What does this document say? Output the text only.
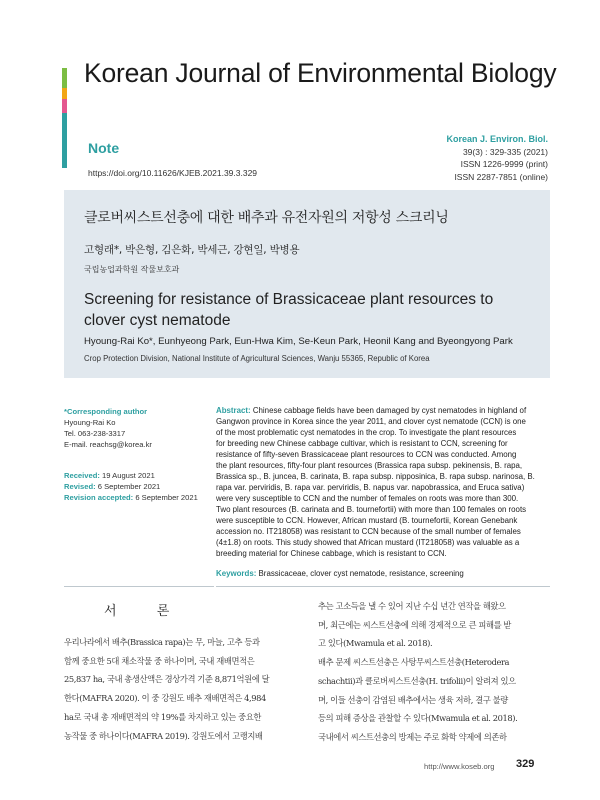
Korean Journal of Environmental Biology
Note
https://doi.org/10.11626/KJEB.2021.39.3.329
Korean J. Environ. Biol.
39(3) : 329-335 (2021)
ISSN 1226-9999 (print)
ISSN 2287-7851 (online)
클로버씨스트선충에 대한 배추과 유전자원의 저항성 스크리닝
고형래*, 박은형, 김은화, 박세근, 강현일, 박병용
국립농업과학원 작물보호과
Screening for resistance of Brassicaceae plant resources to clover cyst nematode
Hyoung-Rai Ko*, Eunhyeong Park, Eun-Hwa Kim, Se-Keun Park, Heonil Kang and Byeongyong Park
Crop Protection Division, National Institute of Agricultural Sciences, Wanju 55365, Republic of Korea
*Corresponding author
Hyoung-Rai Ko
Tel. 063-238-3317
E-mail. reachsg@korea.kr
Received: 19 August 2021
Revised: 6 September 2021
Revision accepted: 6 September 2021

Abstract: Chinese cabbage fields have been damaged by cyst nematodes in highland of

Gangwon province in Korea since the year 2011, and clover cyst nematode (CCN) is one

of the most problematic cyst nematodes in the crop. To investigate the plant resources

for breeding new Chinese cabbage cultivar, which is resistant to CCN, screening for

resistance of fifty-seven Brassicaceae plant resources to CCN was conducted. Among

the plant resources, fifty-four plant resources (Brassica rapa subsp. pekinensis, B. rapa,

Brassica sp., B. juncea, B. carinata, B. rapa subsp. nipposinica, B. rapa subsp. narinosa, B.

rapa var. perviridis, B. rapa var. perviridis, B. napus var. napobrassica, and Eruca sativa)

were very susceptible to CCN and the number of females on roots was more than 300.

Two plant resources (B. carinata and B. tournefortii) with more than 100 females on roots

were susceptible to CCN. However, African mustard (B. tournefortii, Korean Genebank

accession no. IT218058) was resistant to CCN because of the small number of females

(4±1.8) on roots. This study showed that African mustard (IT218058) was valuable as a

breeding material for Chinese cabbage, which is resistant to CCN.

Keywords: Brassicaceae, clover cyst nematode, resistance, screening
서 론

우리나라에서 배추(Brassica rapa)는 무, 마늘, 고추 등과

함께 중요한 5대 채소작물 중 하나이며, 국내 재배면적은

25,837 ha, 국내 총생산액은 경상가격 기준 8,871억원에 달

한다(MAFRA 2020). 이 중 강원도 배추 재배면적은 4,984

ha로 국내 총 재배면적의 약 19%를 차지하고 있는 중요한

농작물 중 하나이다(MAFRA 2019). 강원도에서 고랭지배

추는 고소득을 낼 수 있어 지난 수십 년간 연작을 해왔으

며, 최근에는 씨스트선충에 의해 경제적으로 큰 피해를 받

고 있다(Mwamula et al. 2018).

배추 문제 씨스트선충은 사탕무씨스트선충(Heterodera

schachtii)과 클로버씨스트선충(H. trifolii)이 알려져 있으

며, 이들 선충이 감염된 배추에서는 생육 저하, 결구 불량

등의 피해 증상을 관찰할 수 있다(Mwamula et al. 2018).

국내에서 씨스트선충의 방제는 주로 화학 약제에 의존하

http://www.koseb.org 329
